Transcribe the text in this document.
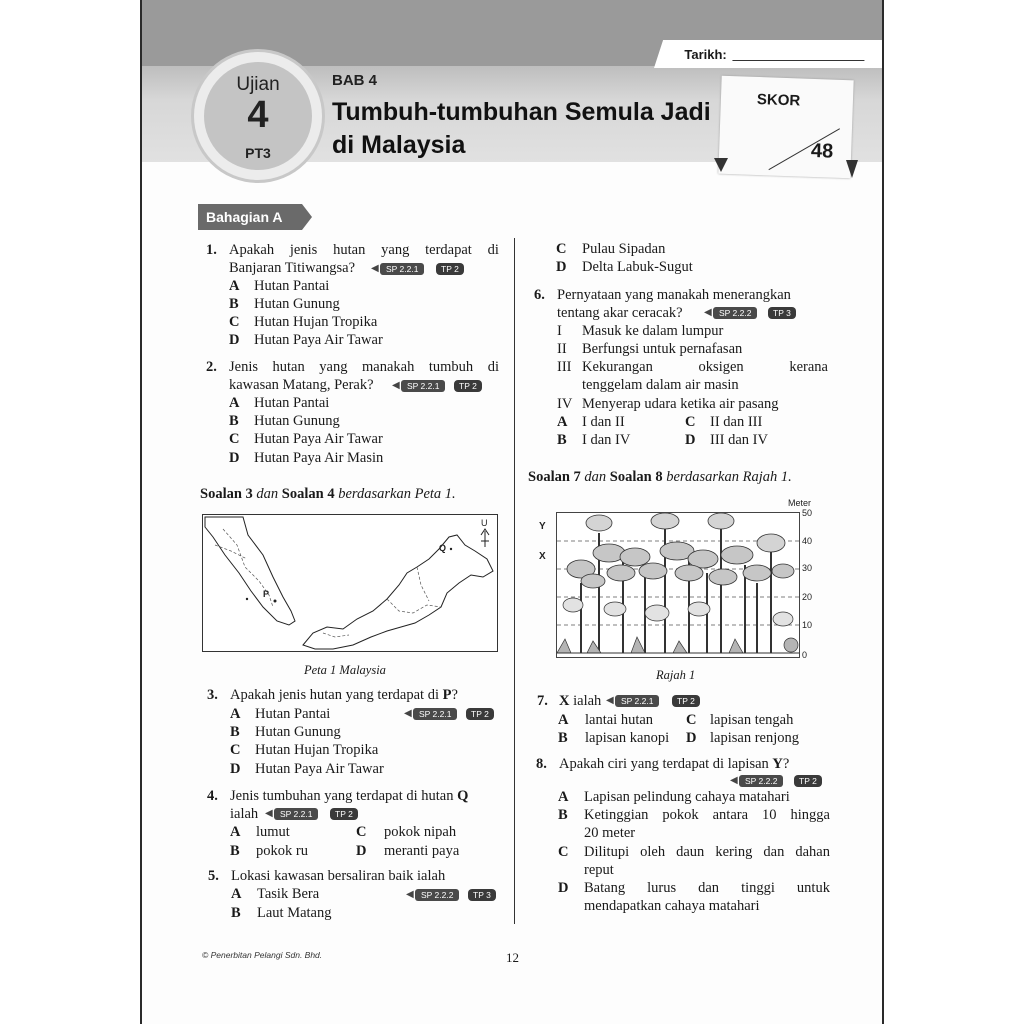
Tarikh:
Ujian
4
PT3
BAB 4
Tumbuh-tumbuhan Semula Jadi
di Malaysia
SKOR
48
Bahagian A
1. Apakah jenis hutan yang terdapat di
Banjaran Titiwangsa? ◀ SP 2.2.1	TP 2
A Hutan Pantai
B Hutan Gunung
C Hutan Hujan Tropika
D Hutan Paya Air Tawar
2. Jenis hutan yang manakah tumbuh di
kawasan Matang, Perak? ◀ SP 2.2.1	TP 2
A Hutan Pantai
B Hutan Gunung
C Hutan Paya Air Tawar
D Hutan Paya Air Masin
Soalan 3 dan Soalan 4 berdasarkan Peta 1.
U
P
Q
Peta 1 Malaysia
3. Apakah jenis hutan yang terdapat di P?
◀ SP 2.2.1	TP 2
A Hutan Pantai
B Hutan Gunung
C Hutan Hujan Tropika
D Hutan Paya Air Tawar
4. Jenis tumbuhan yang terdapat di hutan Q
ialah ◀ SP 2.2.1	TP 2
A lumut	C pokok nipah
B pokok ru	D meranti paya
5. Lokasi kawasan bersaliran baik ialah
◀ SP 2.2.2	TP 3
A Tasik Bera
B Laut Matang
C Pulau Sipadan
D Delta Labuk-Sugut
6. Pernyataan yang manakah menerangkan
tentang akar ceracak? ◀ SP 2.2.2	TP 3
I Masuk ke dalam lumpur
II Berfungsi untuk pernafasan
III Kekurangan	oksigen	kerana
tenggelam dalam air masin
IV Menyerap udara ketika air pasang
A I dan II	C II dan III
B I dan IV	D III dan IV
Soalan 7 dan Soalan 8 berdasarkan Rajah 1.
Meter
50
40
30
20
10
0
Y
X
Rajah 1
7. X ialah ◀ SP 2.2.1	TP 2
A lantai hutan C lapisan tengah
B lapisan kanopi D lapisan renjong
8. Apakah ciri yang terdapat di lapisan Y?
◀ SP 2.2.2	TP 2
A Lapisan pelindung cahaya matahari
B Ketinggian pokok antara 10 hingga
20 meter
C Dilitupi oleh daun kering dan dahan
reput
D Batang lurus dan tinggi untuk
mendapatkan cahaya matahari
© Penerbitan Pelangi Sdn. Bhd.	12
